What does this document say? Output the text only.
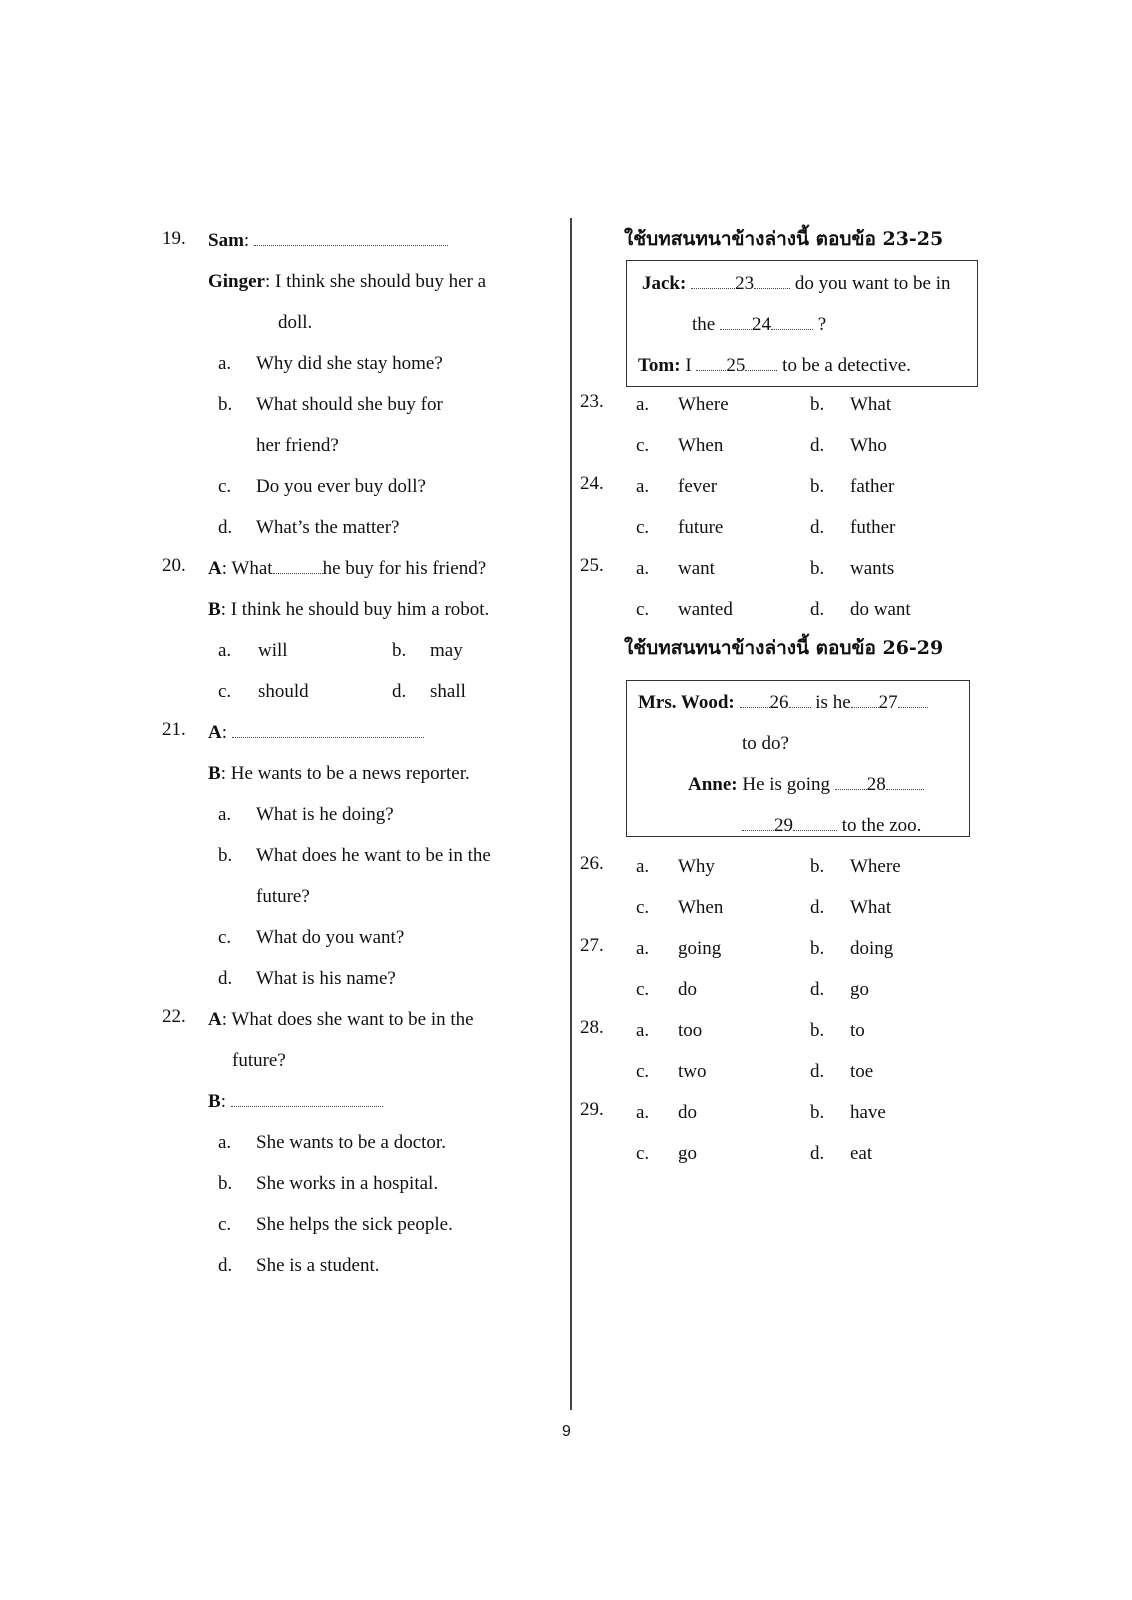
19. Sam:
Ginger: I think she should buy her a
doll.
a. Why did she stay home?
b. What should she buy for
her friend?
c. Do you ever buy doll?
d. What’s the matter?
20. A: What	he buy for his friend?
B: I think he should buy him a robot.
a. will	b. may
c. should	d. shall
21. A:
B: He wants to be a news reporter.
a. What is he doing?
b. What does he want to be in the
future?
c. What do you want?
d. What is his name?
22. A: What does she want to be in the
future?
B:
a. She wants to be a doctor.
b. She works in a hospital.
c. She helps the sick people.
d. She is a student.
ใช้บทสนทนาข้างล่างนี้ ตอบข้อ 23-25
Jack:	23 do you want to be in
the 24 ?
Tom: I 25 to be a detective.
23. a. Where	b. What
c. When	d. Who
24. a. fever	b. father
c. future	d. futher
25. a. want	b. wants
c. wanted	d. do want
ใช้บทสนทนาข้างล่างนี้ ตอบข้อ 26-29
Mrs. Wood: 26 is he 27
to do?
Anne: He is going 28
29	to the zoo.
26. a. Why	b. Where
c. When	d. What
27. a. going	b. doing
c. do	d. go
28. a. too	b. to
c. two	d. toe
29. a. do	b. have
c. go	d. eat
9
